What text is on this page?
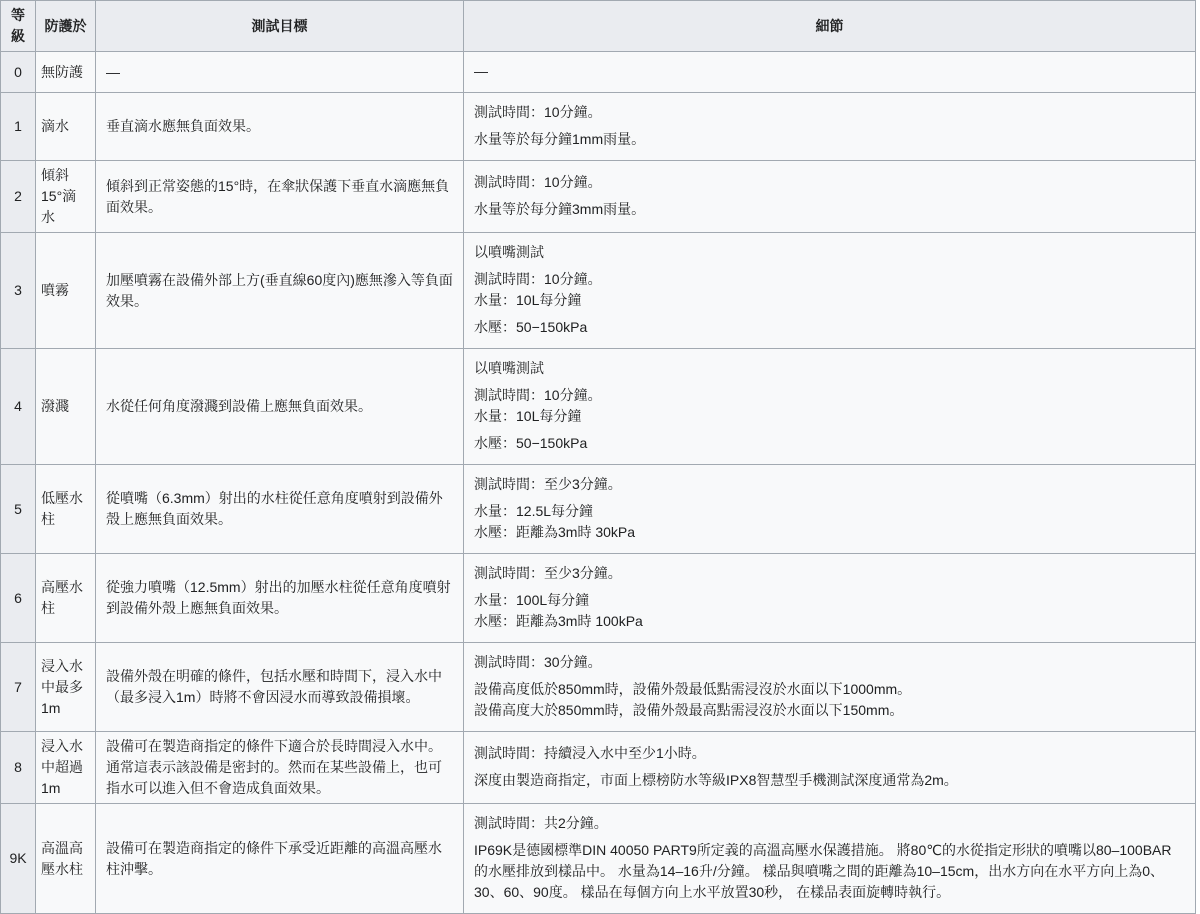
等級	防護於	測試目標	細節
0	無防護	—	—

1	滴水	垂直滴水應無負面效果。	測試時間：10分鐘。

水量等於每分鐘1mm雨量。

2	傾斜15°滴水	傾斜到正常姿態的15°時，在傘狀保護下垂直水滴應無負面效果。	測試時間：10分鐘。

水量等於每分鐘3mm雨量。

3	噴霧	加壓噴霧在設備外部上方(垂直線60度內)應無滲入等負面效果。	以噴嘴測試

測試時間：10分鐘。
水量：10L每分鐘

水壓：50−150kPa

4	潑濺	水從任何角度潑濺到設備上應無負面效果。	以噴嘴測試

測試時間：10分鐘。
水量：10L每分鐘

水壓：50−150kPa

5	低壓水柱	從噴嘴（6.3mm）射出的水柱從任意角度噴射到設備外殼上應無負面效果。	測試時間：至少3分鐘。

水量：12.5L每分鐘
水壓：距離為3m時 30kPa

6	高壓水柱	從強力噴嘴（12.5mm）射出的加壓水柱從任意角度噴射到設備外殼上應無負面效果。	測試時間：至少3分鐘。

水量：100L每分鐘
水壓：距離為3m時 100kPa

7	浸入水中最多1m	設備外殼在明確的條件，包括水壓和時間下，浸入水中（最多浸入1m）時將不會因浸水而導致設備損壞。	測試時間：30分鐘。

設備高度低於850mm時，設備外殼最低點需浸沒於水面以下1000mm。
設備高度大於850mm時，設備外殼最高點需浸沒於水面以下150mm。

8	浸入水中超過1m	設備可在製造商指定的條件下適合於長時間浸入水中。通常這表示該設備是密封的。然而在某些設備上，也可指水可以進入但不會造成負面效果。	測試時間：持續浸入水中至少1小時。

深度由製造商指定，市面上標榜防水等級IPX8智慧型手機測試深度通常為2m。

9K	高溫高壓水柱	設備可在製造商指定的條件下承受近距離的高溫高壓水柱沖擊。	測試時間：共2分鐘。

IP69K是德國標準DIN 40050 PART9所定義的高溫高壓水保護措施。 將80℃的水從指定形狀的噴嘴以80–100BAR的水壓排放到樣品中。 水量為14–16升/分鐘。 樣品與噴嘴之間的距離為10–15cm，出水方向在水平方向上為0、30、60、90度。 樣品在每個方向上水平放置30秒， 在樣品表面旋轉時執行。
